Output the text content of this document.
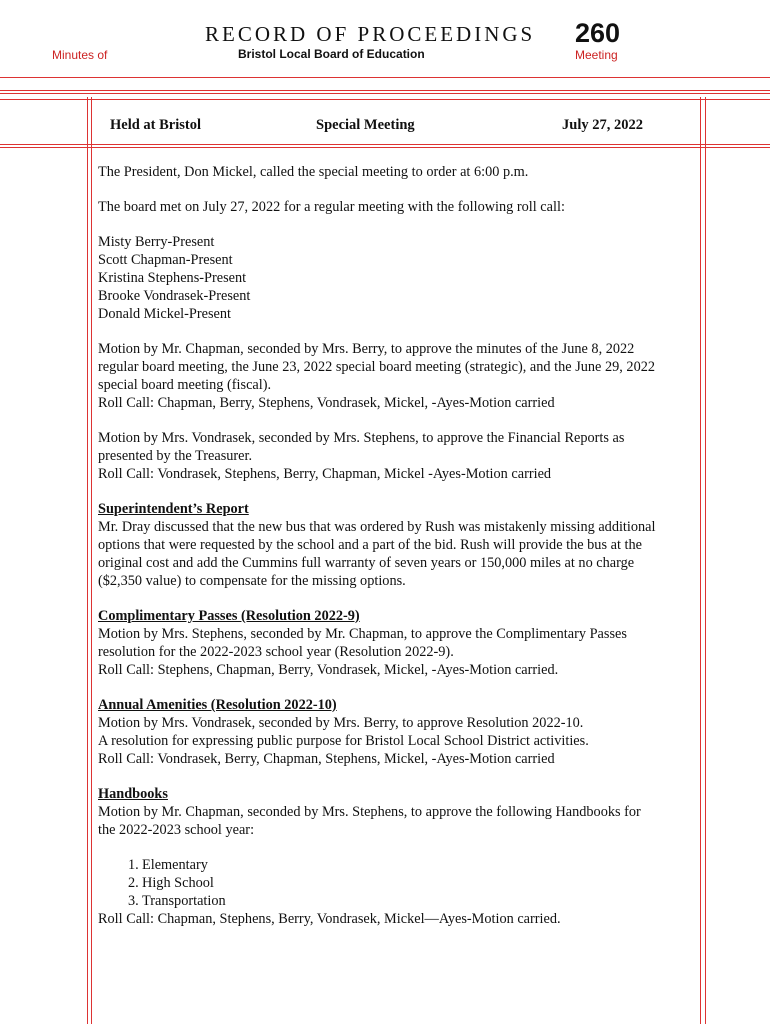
RECORD OF PROCEEDINGS 260
Minutes of	Bristol Local Board of Education	Meeting
Held at Bristol	Special Meeting	July 27, 2022

The President, Don Mickel, called the special meeting to order at 6:00 p.m.

The board met on July 27, 2022 for a regular meeting with the following roll call:

Misty Berry-Present
Scott Chapman-Present
Kristina Stephens-Present
Brooke Vondrasek-Present
Donald Mickel-Present

Motion by Mr. Chapman, seconded by Mrs. Berry, to approve the minutes of the June 8, 2022
regular board meeting, the June 23, 2022 special board meeting (strategic), and the June 29, 2022
special board meeting (fiscal).
Roll Call: Chapman, Berry, Stephens, Vondrasek, Mickel, -Ayes-Motion carried

Motion by Mrs. Vondrasek, seconded by Mrs. Stephens, to approve the Financial Reports as
presented by the Treasurer.
Roll Call: Vondrasek, Stephens, Berry, Chapman, Mickel -Ayes-Motion carried

Superintendent’s Report
Mr. Dray discussed that the new bus that was ordered by Rush was mistakenly missing additional
options that were requested by the school and a part of the bid. Rush will provide the bus at the
original cost and add the Cummins full warranty of seven years or 150,000 miles at no charge
($2,350 value) to compensate for the missing options.

Complimentary Passes (Resolution 2022-9)
Motion by Mrs. Stephens, seconded by Mr. Chapman, to approve the Complimentary Passes
resolution for the 2022-2023 school year (Resolution 2022-9).
Roll Call: Stephens, Chapman, Berry, Vondrasek, Mickel, -Ayes-Motion carried.

Annual Amenities (Resolution 2022-10)
Motion by Mrs. Vondrasek, seconded by Mrs. Berry, to approve Resolution 2022-10.
A resolution for expressing public purpose for Bristol Local School District activities.
Roll Call: Vondrasek, Berry, Chapman, Stephens, Mickel, -Ayes-Motion carried

Handbooks
Motion by Mr. Chapman, seconded by Mrs. Stephens, to approve the following Handbooks for
the 2022-2023 school year:

1. Elementary
2. High School
3. Transportation
Roll Call: Chapman, Stephens, Berry, Vondrasek, Mickel—Ayes-Motion carried.
